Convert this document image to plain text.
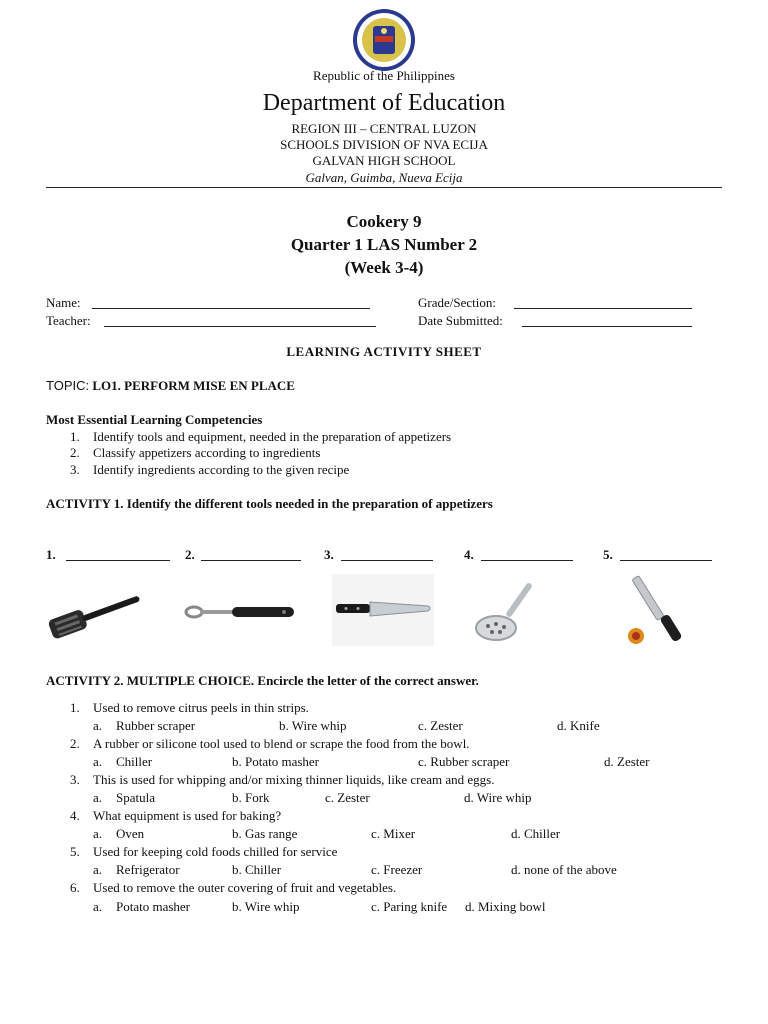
Republic of the Philippines
Department of Education
REGION III – CENTRAL LUZON
SCHOOLS DIVISION OF NVA ECIJA
GALVAN HIGH SCHOOL
Galvan, Guimba, Nueva Ecija
Cookery 9
Quarter 1 LAS Number 2
(Week 3-4)
Name:	Grade/Section:
Teacher:	Date Submitted:
LEARNING ACTIVITY SHEET
TOPIC: LO1. PERFORM MISE EN PLACE
Most Essential Learning Competencies
1. Identify tools and equipment, needed in the preparation of appetizers
2. Classify appetizers according to ingredients
3. Identify ingredients according to the given recipe
ACTIVITY 1. Identify the different tools needed in the preparation of appetizers
1.	2.	3.	4.	5.
ACTIVITY 2. MULTIPLE CHOICE. Encircle the letter of the correct answer.
1. Used to remove citrus peels in thin strips.
a. Rubber scraper	b. Wire whip	c. Zester	d. Knife
2. A rubber or silicone tool used to blend or scrape the food from the bowl.
a. Chiller	b. Potato masher	c. Rubber scraper	d. Zester
3. This is used for whipping and/or mixing thinner liquids, like cream and eggs.
a. Spatula	b. Fork	c. Zester	d. Wire whip
4. What equipment is used for baking?
a. Oven	b. Gas range	c. Mixer	d. Chiller
5. Used for keeping cold foods chilled for service
a. Refrigerator	b. Chiller	c. Freezer	d. none of the above
6. Used to remove the outer covering of fruit and vegetables.
a. Potato masher	b. Wire whip	c. Paring knife d. Mixing bowl
